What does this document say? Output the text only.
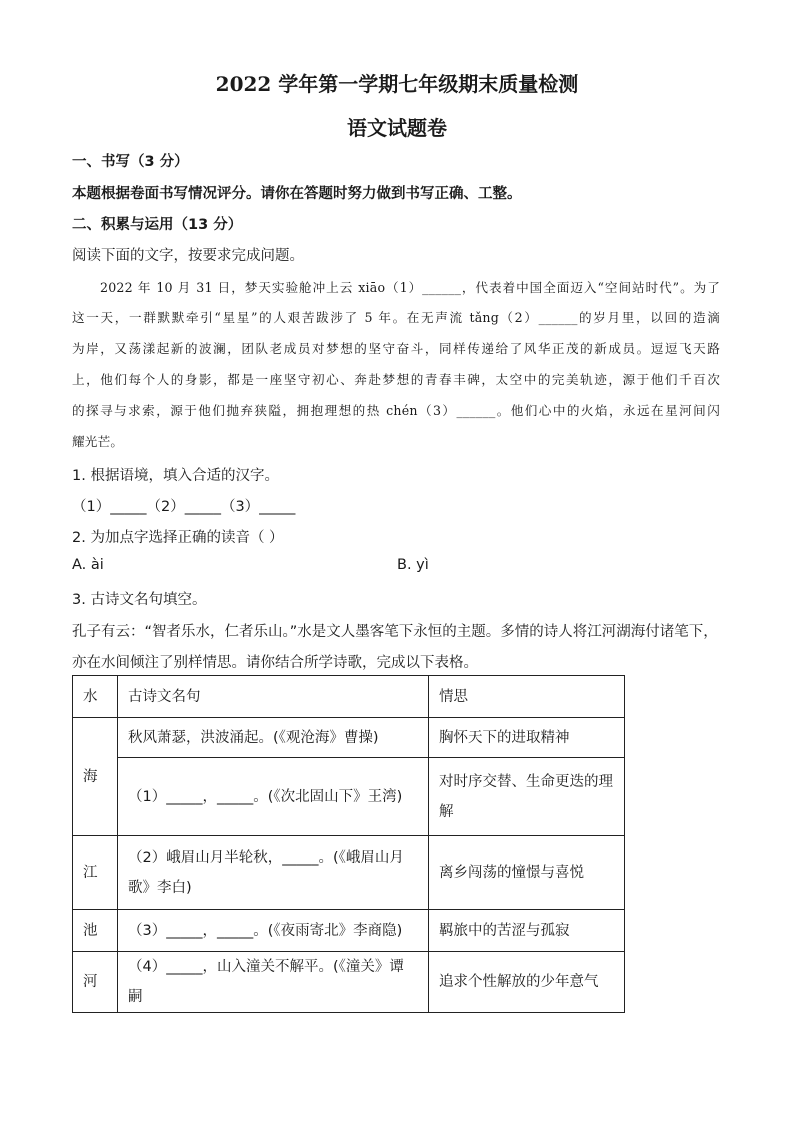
2022 学年第一学期七年级期末质量检测
语文试题卷
一、书写（3 分）
本题根据卷面书写情况评分。请你在答题时努力做到书写正确、工整。
二、积累与运用（13 分）
阅读下面的文字，按要求完成问题。
2022 年 10 月 31 日，梦天实验舱冲上云 xiāo（1）______，代表着中国全面迈入“空间站时代”。为了
这一天，一群默默牵引“星星”的人艰苦跋涉了 5 年。在无声流 tǎng（2）______的岁月里，以回的造滴
为岸，又荡漾起新的波澜，团队老成员对梦想的坚守奋斗，同样传递给了风华正茂的新成员。逗逗飞天路
上，他们每个人的身影，都是一座坚守初心、奔赴梦想的青春丰碑，太空中的完美轨迹，源于他们千百次
的探寻与求索，源于他们抛弃狭隘，拥抱理想的热 chén（3）______。他们心中的火焰，永远在星河间闪
耀光芒。
1. 根据语境，填入合适的汉字。
（1）_____（2）_____（3）_____
2. 为加点字选择正确的读音（ ）
A. ài	B. yì
3. 古诗文名句填空。
孔子有云：“智者乐水，仁者乐山。”水是文人墨客笔下永恒的主题。多情的诗人将江河湖海付诸笔下，
亦在水间倾注了别样情思。请你结合所学诗歌，完成以下表格。
水	古诗文名句	情思
海	秋风萧瑟，洪波涌起。(《观沧海》曹操)	胸怀天下的进取精神
	（1）_____，_____。(《次北固山下》王湾)	对时序交替、生命更迭的理
解

江	（2）峨眉山月半轮秋，_____。(《峨眉山月
歌》李白)	离乡闯荡的憧憬与喜悦
池	（3）_____，_____。(《夜雨寄北》李商隐)	羁旅中的苦涩与孤寂
河	（4）_____，山入潼关不解平。(《潼关》谭嗣	追求个性解放的少年意气
